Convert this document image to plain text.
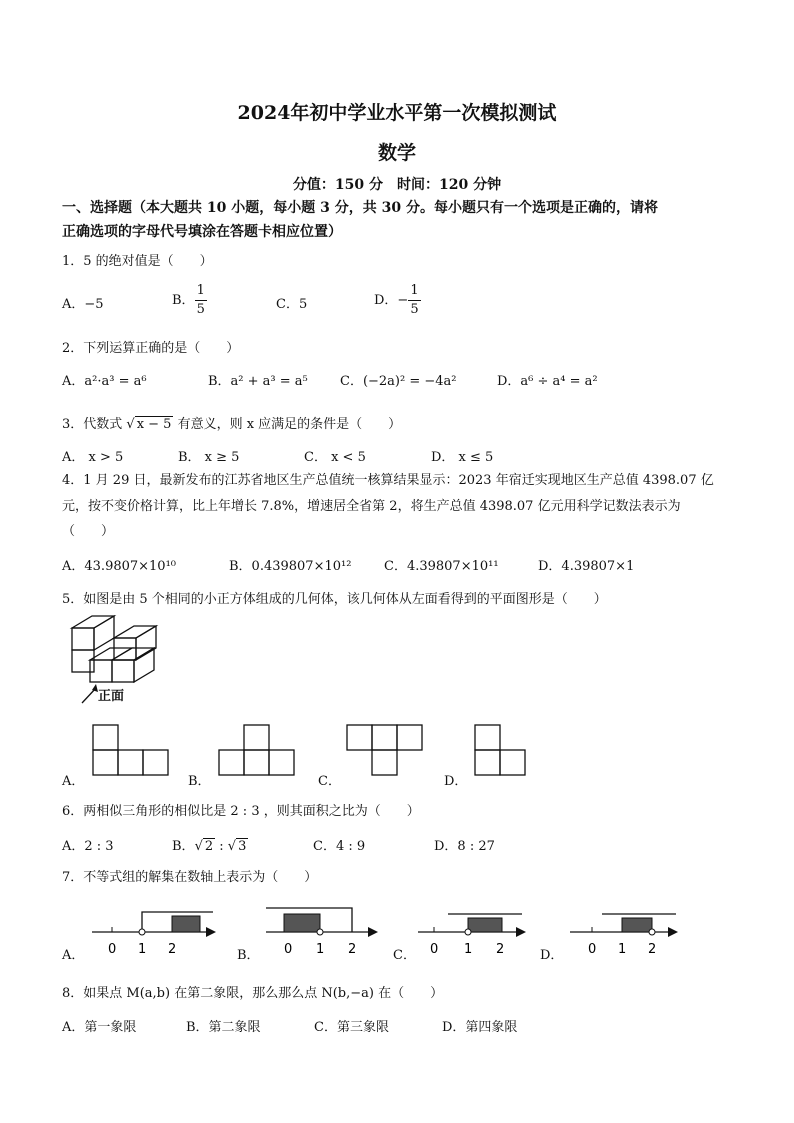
2024年初中学业水平第一次模拟测试
数学
分值：150 分　时间：120 分钟
一、选择题（本大题共 10 小题，每小题 3 分，共 30 分。每小题只有一个选项是正确的，请将
正确选项的字母代号填涂在答题卡相应位置）
1．5 的绝对值是（　　）
A．−5	B． $\frac{1}{5}$	C．5	D．− $\frac{1}{5}$
2．下列运算正确的是（　　）
A．a²·a³ = a⁶	B．a² + a³ = a⁵ C．(−2a)² = −4a²	D．a⁶ ÷ a⁴ = a²
3．代数式 √ x − 5 有意义，则 x 应满足的条件是（　　）
A． x > 5	B． x ≥ 5	C． x < 5	D． x ≤ 5
4．1 月 29 日，最新发布的江苏省地区生产总值统一核算结果显示：2023 年宿迁实现地区生产总值 4398.07 亿
元，按不变价格计算，比上年增长 7.8%，增速居全省第 2，将生产总值 4398.07 亿元用科学记数法表示为
（　　）
A．43.9807×10¹⁰	B．0.439807×10¹²	C．4.39807×10¹¹	D．4.39807×1
5．如图是由 5 个相同的小正方体组成的几何体，该几何体从左面看得到的平面图形是（　　）
正面
A．	B．	C．	D．
6．两相似三角形的相似比是 2 : 3 ，则其面积之比为（　　）
A．2 : 3	B．√ 2 : √ 3	C．4 : 9	D．8 : 27
7．不等式组的解集在数轴上表示为（　　）
A． 0 1 2	B． 0 1 2	C． 0 1 2	D． 0 1 2
8．如果点 M(a,b) 在第二象限，那么那么点 N(b,−a) 在（　　）
A．第一象限	B．第二象限	C．第三象限	D．第四象限
